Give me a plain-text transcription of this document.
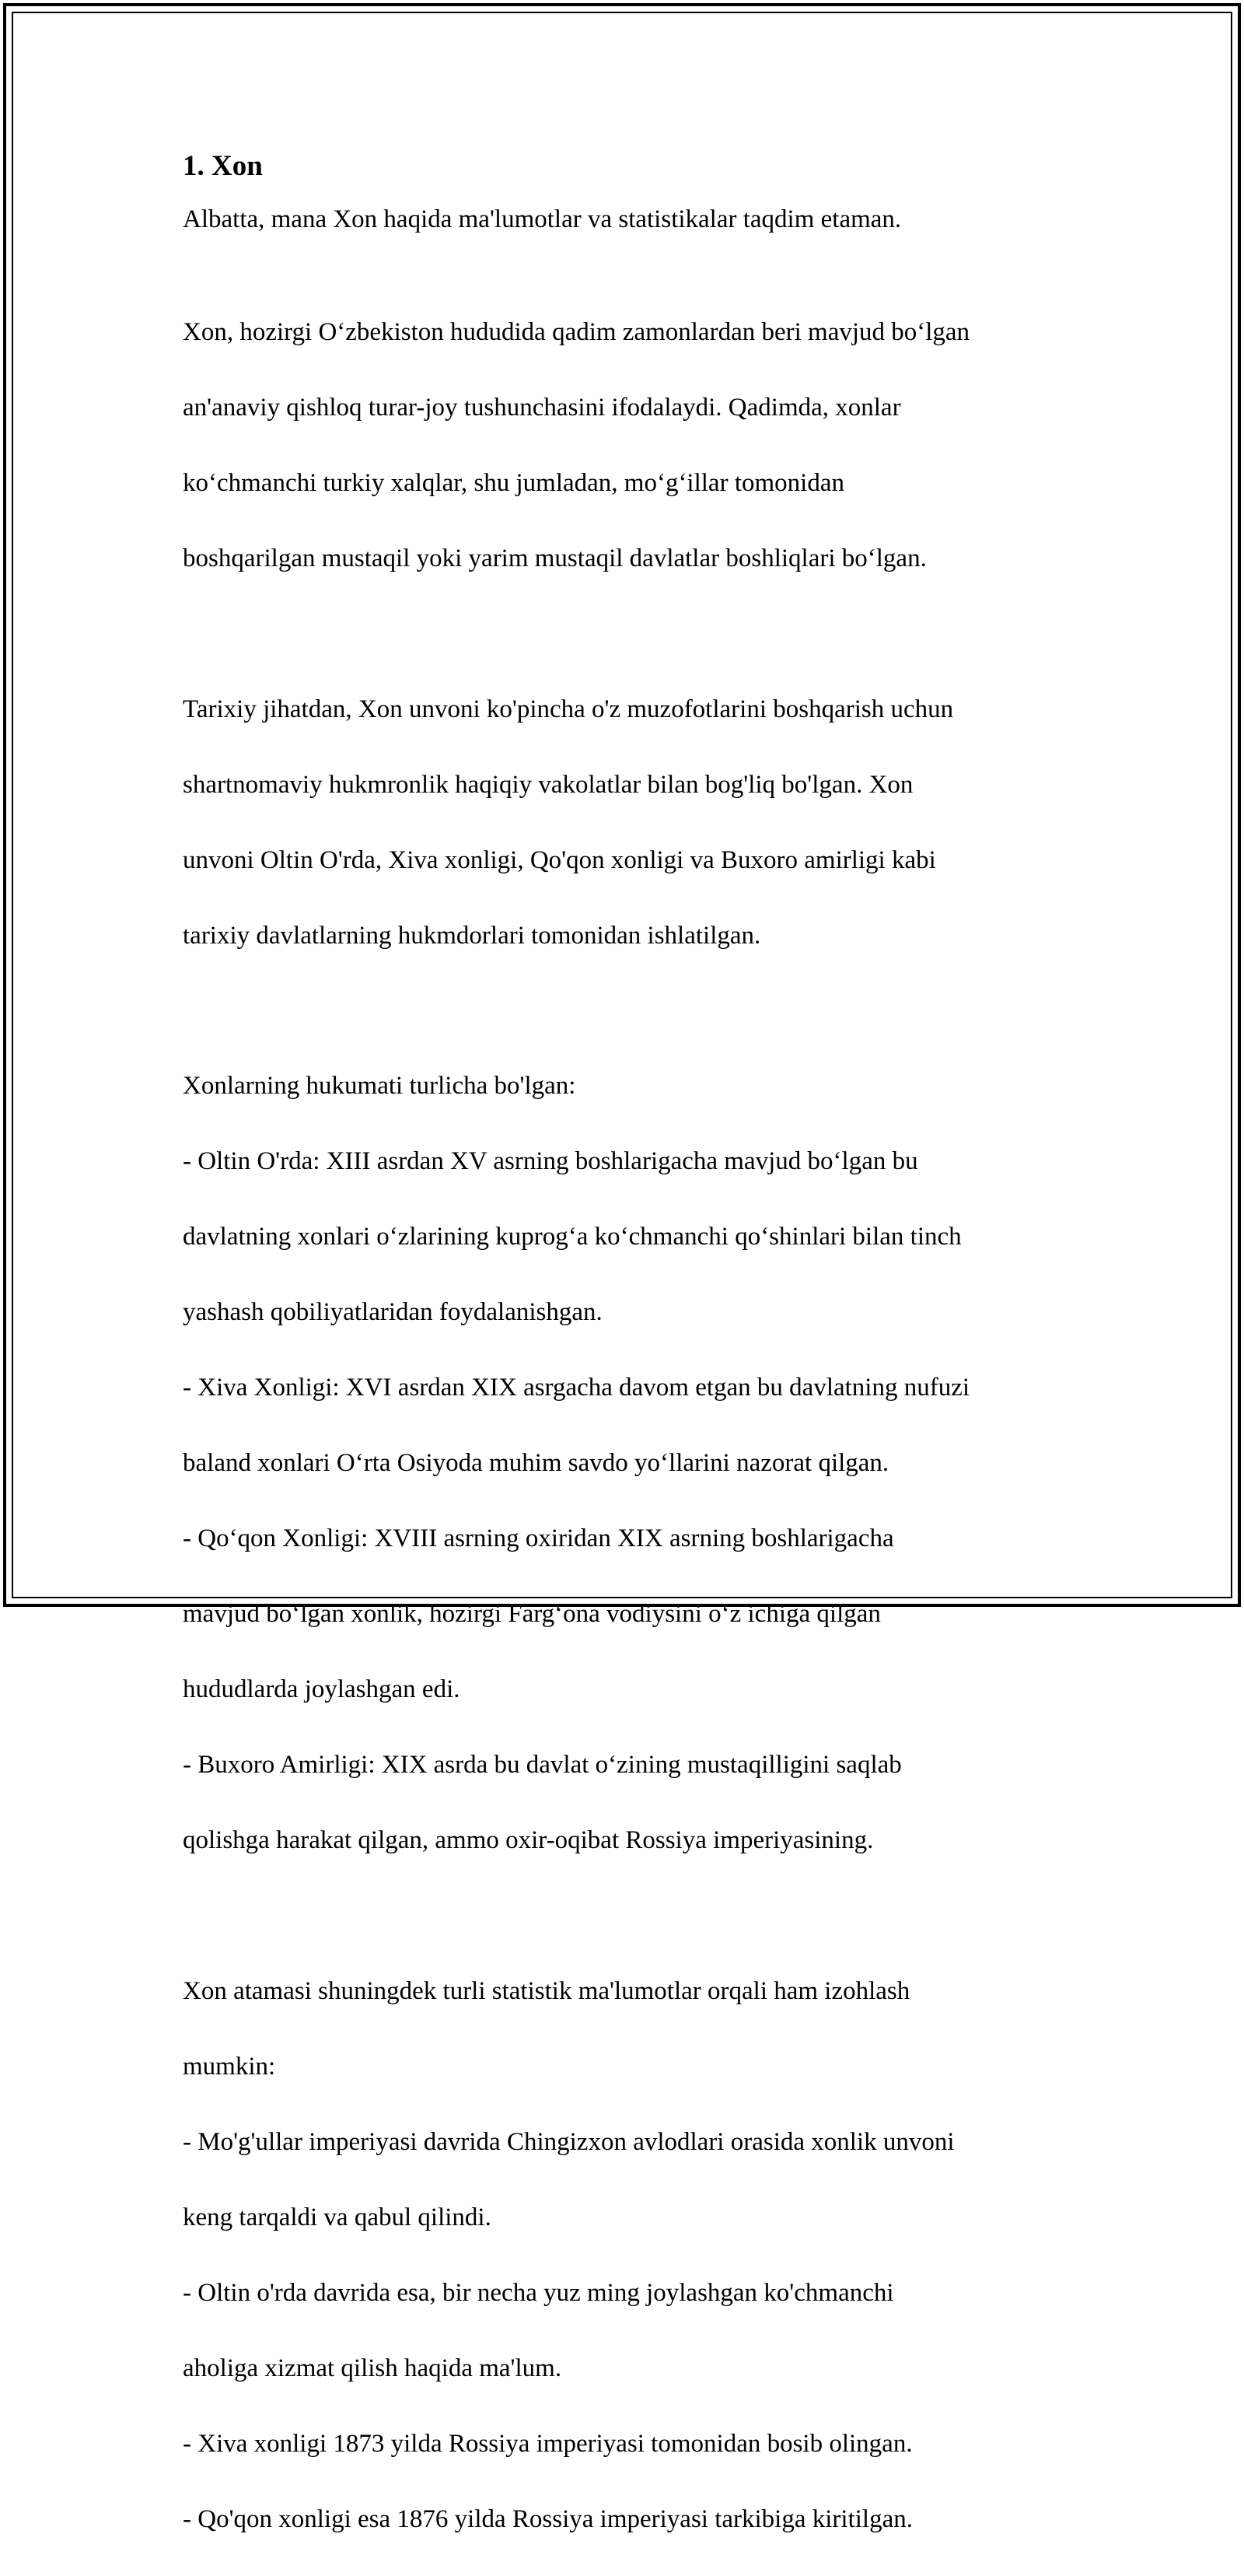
1. Xon

Albatta, mana Xon haqida ma'lumotlar va statistikalar taqdim etaman.

Xon, hozirgi O‘zbekiston hududida qadim zamonlardan beri mavjud bo‘lgan

an'anaviy qishloq turar-joy tushunchasini ifodalaydi. Qadimda, xonlar

ko‘chmanchi turkiy xalqlar, shu jumladan, mo‘g‘illar tomonidan

boshqarilgan mustaqil yoki yarim mustaqil davlatlar boshliqlari bo‘lgan.

Tarixiy jihatdan, Xon unvoni ko'pincha o'z muzofotlarini boshqarish uchun

shartnomaviy hukmronlik haqiqiy vakolatlar bilan bog'liq bo'lgan. Xon

unvoni Oltin O'rda, Xiva xonligi, Qo'qon xonligi va Buxoro amirligi kabi

tarixiy davlatlarning hukmdorlari tomonidan ishlatilgan.

Xonlarning hukumati turlicha bo'lgan:

- Oltin O'rda: XIII asrdan XV asrning boshlarigacha mavjud bo‘lgan bu

davlatning xonlari o‘zlarining kuprog‘a ko‘chmanchi qo‘shinlari bilan tinch

yashash qobiliyatlaridan foydalanishgan.

- Xiva Xonligi: XVI asrdan XIX asrgacha davom etgan bu davlatning nufuzi

baland xonlari O‘rta Osiyoda muhim savdo yo‘llarini nazorat qilgan.

- Qo‘qon Xonligi: XVIII asrning oxiridan XIX asrning boshlarigacha

mavjud bo‘lgan xonlik, hozirgi Farg‘ona vodiysini o‘z ichiga qilgan

hududlarda joylashgan edi.

- Buxoro Amirligi: XIX asrda bu davlat o‘zining mustaqilligini saqlab

qolishga harakat qilgan, ammo oxir-oqibat Rossiya imperiyasining.

Xon atamasi shuningdek turli statistik ma'lumotlar orqali ham izohlash

mumkin:

- Mo'g'ullar imperiyasi davrida Chingizxon avlodlari orasida xonlik unvoni

keng tarqaldi va qabul qilindi.

- Oltin o'rda davrida esa, bir necha yuz ming joylashgan ko'chmanchi

aholiga xizmat qilish haqida ma'lum.

- Xiva xonligi 1873 yilda Rossiya imperiyasi tomonidan bosib olingan.

- Qo'qon xonligi esa 1876 yilda Rossiya imperiyasi tarkibiga kiritilgan.
